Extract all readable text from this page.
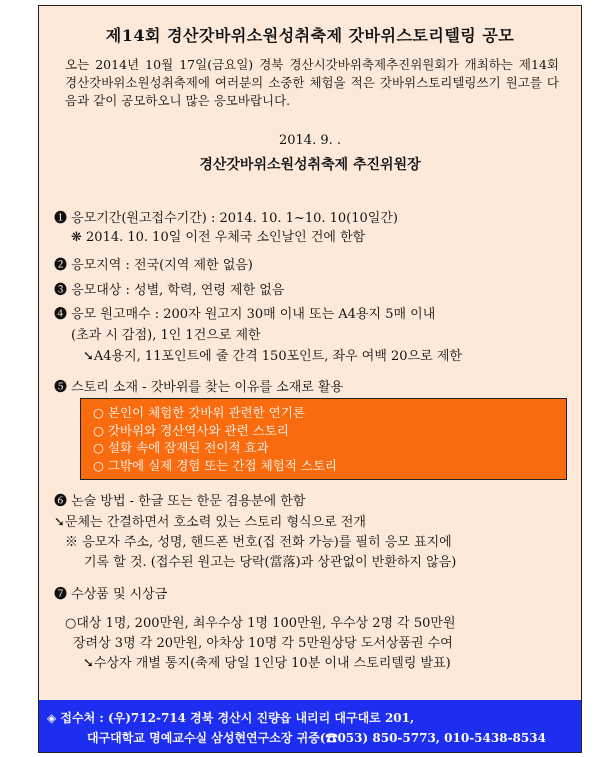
제14회 경산갓바위소원성취축제 갓바위스토리텔링 공모
오는 2014년 10월 17일(금요일) 경북 경산시갓바위축제추진위원회가 개최하는 제14회 경산갓바위소원성취축제에 여러분의 소중한 체험을 적은 갓바위스토리텔링쓰기 원고를 다음과 같이 공모하오니 많은 응모바랍니다.
2014. 9. .
경산갓바위소원성취축제 추진위원장
❶ 응모기간(원고접수기간) : 2014. 10. 1~10. 10(10일간)
❋ 2014. 10. 10일 이전 우체국 소인날인 건에 한함
❷ 응모지역 : 전국(지역 제한 없음)
❸ 응모대상 : 성별, 학력, 연령 제한 없음
❹ 응모 원고매수 : 200자 원고지 30매 이내 또는 A4용지 5매 이내
(초과 시 감점), 1인 1건으로 제한
➘A4용지, 11포인트에 줄 간격 150포인트, 좌우 여백 20으로 제한
❺ 스토리 소재 - 갓바위를 찾는 이유를 소재로 활용
○ 본인이 체험한 갓바위 관련한 연기론
○ 갓바위와 경산역사와 관련 스토리
○ 설화 속에 잠재된 전이적 효과
○ 그밖에 실제 경험 또는 간접 체험적 스토리
❻ 논술 방법 - 한글 또는 한문 겸용분에 한함
➘문체는 간결하면서 호소력 있는 스토리 형식으로 전개
※ 응모자 주소, 성명, 핸드폰 번호(집 전화 가능)를 필히 응모 표지에
기록 할 것. (접수된 원고는 당락(當落)과 상관없이 반환하지 않음)
❼ 수상품 및 시상금
○대상 1명, 200만원, 최우수상 1명 100만원, 우수상 2명 각 50만원
장려상 3명 각 20만원, 아차상 10명 각 5만원상당 도서상품권 수여
➘수상자 개별 통지(축제 당일 1인당 10분 이내 스토리텔링 발표)
◈ 접수처 : (우)712-714 경북 경산시 진량읍 내리리 대구대로 201,
대구대학교 명예교수실 삼성현연구소장 귀중(☎053) 850-5773, 010-5438-8534
